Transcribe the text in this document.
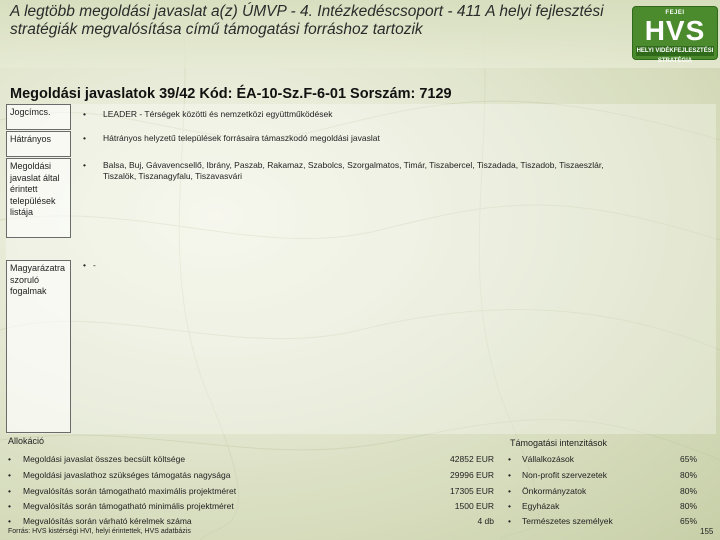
A legtöbb megoldási javaslat a(z) ÚMVP - 4. Intézkedéscsoport - 411 A helyi fejlesztési stratégiák megvalósítása című támogatási forráshoz tartozik
FEJEI
HVS
HELYI VIDÉKFEJLESZTÉSI STRATÉGIA
Megoldási javaslatok 39/42 Kód: ÉA-10-Sz.F-6-01 Sorszám: 7129
Jogcímcs.	• LEADER - Térségek közötti és nemzetközi együttműködések
Hátrányos	• Hátrányos helyzetű települések forrásaira támaszkodó megoldási javaslat
Megoldási javaslat által érintett települések listája
• Balsa, Buj, Gávavencsellő, Ibrány, Paszab, Rakamaz, Szabolcs, Szorgalmatos, Timár, Tiszabercel, Tiszadada, Tiszadob, Tiszaeszlár,
Tiszalök, Tiszanagyfalu, Tiszavasvári
Magyarázatra szoruló fogalmak
• -
Allokáció
• Megoldási javaslat összes becsült költsége	42852 EUR
• Megoldási javaslathoz szükséges támogatás nagysága	29996 EUR
• Megvalósítás során támogatható maximális projektméret	17305 EUR
• Megvalósítás során támogatható minimális projektméret	1500 EUR
• Megvalósítás során várható kérelmek száma	4 db
Támogatási intenzitások
• Vállalkozások	65%
• Non-profit szervezetek	80%
• Önkormányzatok	80%
• Egyházak	80%
• Természetes személyek	65%
Forrás: HVS kistérségi HVI, helyi érintettek, HVS adatbázis	155
